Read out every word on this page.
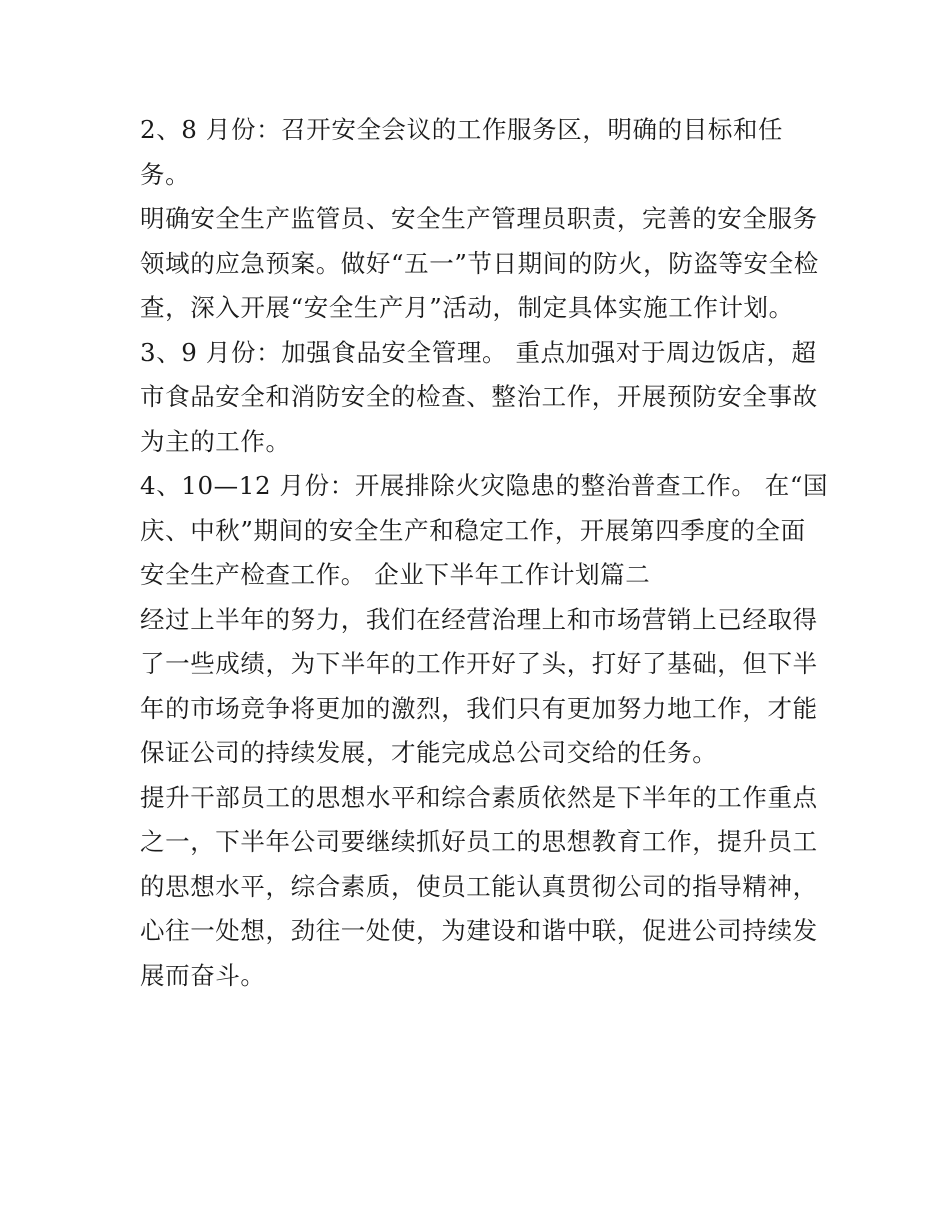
2、8 月份：召开安全会议的工作服务区，明确的目标和任
务。
明确安全生产监管员、安全生产管理员职责，完善的安全服务
领域的应急预案。做好“五一”节日期间的防火，防盗等安全检
查，深入开展“安全生产月”活动，制定具体实施工作计划。
3、9 月份：加强食品安全管理。 重点加强对于周边饭店，超
市食品安全和消防安全的检查、整治工作，开展预防安全事故
为主的工作。
4、10—12 月份：开展排除火灾隐患的整治普查工作。 在“国
庆、中秋”期间的安全生产和稳定工作，开展第四季度的全面
安全生产检查工作。 企业下半年工作计划篇二
经过上半年的努力，我们在经营治理上和市场营销上已经取得
了一些成绩，为下半年的工作开好了头，打好了基础，但下半
年的市场竞争将更加的激烈，我们只有更加努力地工作，才能
保证公司的持续发展，才能完成总公司交给的任务。
提升干部员工的思想水平和综合素质依然是下半年的工作重点
之一，下半年公司要继续抓好员工的思想教育工作，提升员工
的思想水平，综合素质，使员工能认真贯彻公司的指导精神，
心往一处想，劲往一处使，为建设和谐中联，促进公司持续发
展而奋斗。
